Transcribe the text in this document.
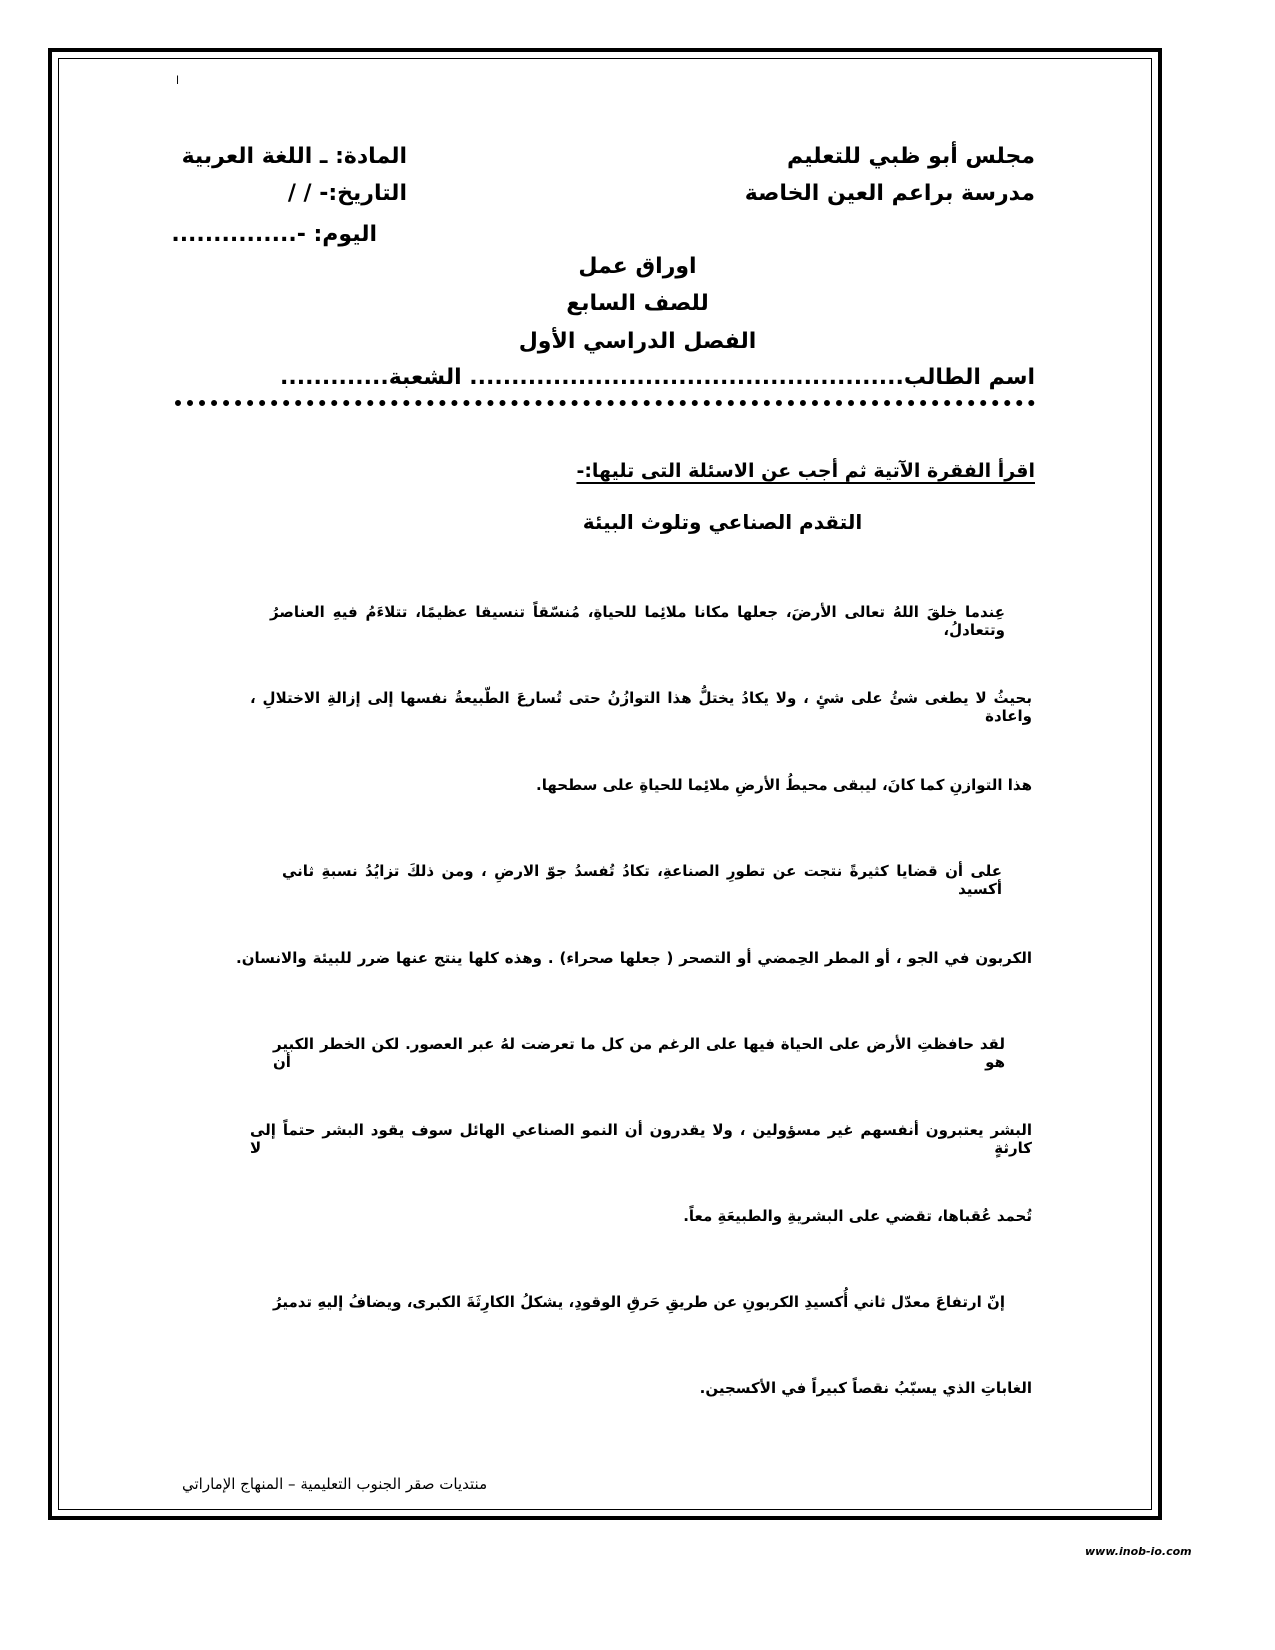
ا
مجلس أبو ظبي للتعليم
مدرسة براعم العين الخاصة
المادة: ـ اللغة العربية
التاريخ:- / /
اليوم: -...............
اوراق عمل
للصف السابع
الفصل الدراسي الأول
اسم الطالب.................................................... الشعبة.............
اقرأ الفقرة الآتية ثم أجب عن الاسئلة التى تليها:-
التقدم الصناعي وتلوث البيئة
عِندما خلقَ اللهُ تعالى الأرضَ، جعلها مكانا ملائِما للحياةِ، مُنسّقاً تنسيقا عظيمًا، تتلاءَمُ فيهِ العناصرُ وتتعادلُ،
بحيثُ لا يطغى شئُ على شئٍ ، ولا يكادُ يختلُّ هذا التوازُنُ حتى تُسارعَ الطّبيعةُ نفسها إلى إزالةِ الاختلالِ ، واعادة
هذا التوازنِ كما كانَ، ليبقى محيطُ الأرضِ ملائِما للحياةِ على سطحها.
على أن قضايا كثيرةً نتجت عن تطورِ الصناعةِ، تكادُ تُفسدُ جوّ الارضِ ، ومن ذلكَ تزايُدُ نسبةِ ثاني أكسيد
الكربون في الجو ، أو المطر الحِمضي أو التصحر ( جعلها صحراء) . وهذه كلها ينتج عنها ضرر للبيئة والانسان.
لقد حافظتِ الأرض على الحياة فيها على الرغم من كل ما تعرضت لهُ عبر العصور. لكن الخطر الكبير هو أن
البشر يعتبرون أنفسهم غير مسؤولين ، ولا يقدرون أن النمو الصناعي الهائل سوف يقود البشر حتماً إلى كارثةٍ لا
تُحمد عُقباها، تقضي على البشريةِ والطبيعَةِ معاً.
إنّ ارتفاعَ معدّل ثاني أُكسيدِ الكربونِ عن طريقِ حَرقِ الوقودِ، يشكلُ الكارِثَةَ الكبرى، ويضافُ إليهِ تدميرُ
الغاباتِ الذي يسبّبُ نقصاً كبيراً في الأكسجين.
منتديات صقر الجنوب التعليمية – المنهاج الإماراتي
www.inob-io.com
